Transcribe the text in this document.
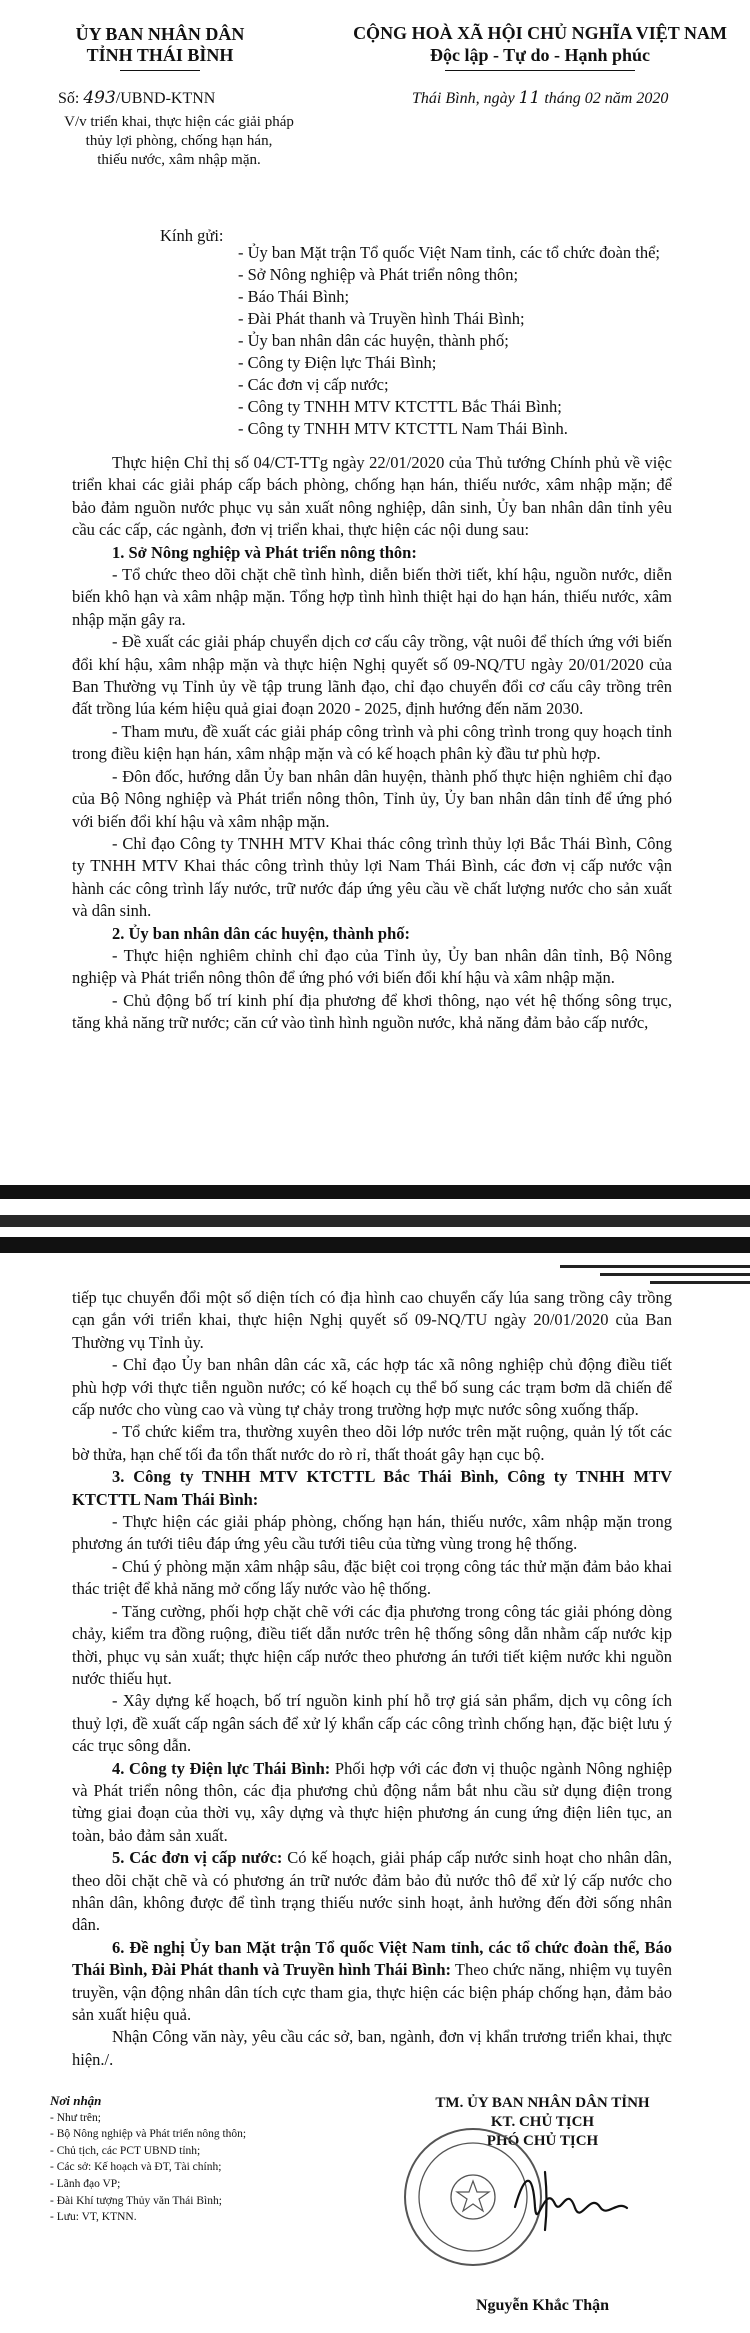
ỦY BAN NHÂN DÂN
TỈNH THÁI BÌNH
CỘNG HOÀ XÃ HỘI CHỦ NGHĨA VIỆT NAM
Độc lập - Tự do - Hạnh phúc
Số: 493/UBND-KTNN	Thái Bình, ngày 11 tháng 02 năm 2020
V/v triển khai, thực hiện các giải pháp
thủy lợi phòng, chống hạn hán,
thiếu nước, xâm nhập mặn.
Kính gửi:
- Ủy ban Mặt trận Tổ quốc Việt Nam tỉnh, các tổ chức đoàn thể;
- Sở Nông nghiệp và Phát triển nông thôn;
- Báo Thái Bình;
- Đài Phát thanh và Truyền hình Thái Bình;
- Ủy ban nhân dân các huyện, thành phố;
- Công ty Điện lực Thái Bình;
- Các đơn vị cấp nước;
- Công ty TNHH MTV KTCTTL Bắc Thái Bình;
- Công ty TNHH MTV KTCTTL Nam Thái Bình.

Thực hiện Chỉ thị số 04/CT-TTg ngày 22/01/2020 của Thủ tướng Chính phủ về việc triển khai các giải pháp cấp bách phòng, chống hạn hán, thiếu nước, xâm nhập mặn; để bảo đảm nguồn nước phục vụ sản xuất nông nghiệp, dân sinh, Ủy ban nhân dân tỉnh yêu cầu các cấp, các ngành, đơn vị triển khai, thực hiện các nội dung sau:

1. Sở Nông nghiệp và Phát triển nông thôn:

- Tổ chức theo dõi chặt chẽ tình hình, diễn biến thời tiết, khí hậu, nguồn nước, diễn biến khô hạn và xâm nhập mặn. Tổng hợp tình hình thiệt hại do hạn hán, thiếu nước, xâm nhập mặn gây ra.

- Đề xuất các giải pháp chuyển dịch cơ cấu cây trồng, vật nuôi để thích ứng với biến đổi khí hậu, xâm nhập mặn và thực hiện Nghị quyết số 09-NQ/TU ngày 20/01/2020 của Ban Thường vụ Tỉnh ủy về tập trung lãnh đạo, chỉ đạo chuyển đổi cơ cấu cây trồng trên đất trồng lúa kém hiệu quả giai đoạn 2020 - 2025, định hướng đến năm 2030.

- Tham mưu, đề xuất các giải pháp công trình và phi công trình trong quy hoạch tỉnh trong điều kiện hạn hán, xâm nhập mặn và có kế hoạch phân kỳ đầu tư phù hợp.

- Đôn đốc, hướng dẫn Ủy ban nhân dân huyện, thành phố thực hiện nghiêm chỉ đạo của Bộ Nông nghiệp và Phát triển nông thôn, Tỉnh ủy, Ủy ban nhân dân tỉnh để ứng phó với biến đổi khí hậu và xâm nhập mặn.

- Chỉ đạo Công ty TNHH MTV Khai thác công trình thủy lợi Bắc Thái Bình, Công ty TNHH MTV Khai thác công trình thủy lợi Nam Thái Bình, các đơn vị cấp nước vận hành các công trình lấy nước, trữ nước đáp ứng yêu cầu về chất lượng nước cho sản xuất và dân sinh.

2. Ủy ban nhân dân các huyện, thành phố:

- Thực hiện nghiêm chỉnh chỉ đạo của Tỉnh ủy, Ủy ban nhân dân tỉnh, Bộ Nông nghiệp và Phát triển nông thôn để ứng phó với biến đổi khí hậu và xâm nhập mặn.

- Chủ động bố trí kinh phí địa phương để khơi thông, nạo vét hệ thống sông trục, tăng khả năng trữ nước; căn cứ vào tình hình nguồn nước, khả năng đảm bảo cấp nước,

tiếp tục chuyển đổi một số diện tích có địa hình cao chuyển cấy lúa sang trồng cây trồng cạn gắn với triển khai, thực hiện Nghị quyết số 09-NQ/TU ngày 20/01/2020 của Ban Thường vụ Tỉnh ủy.

- Chỉ đạo Ủy ban nhân dân các xã, các hợp tác xã nông nghiệp chủ động điều tiết phù hợp với thực tiễn nguồn nước; có kế hoạch cụ thể bố sung các trạm bơm dã chiến để cấp nước cho vùng cao và vùng tự chảy trong trường hợp mực nước sông xuống thấp.

- Tổ chức kiểm tra, thường xuyên theo dõi lớp nước trên mặt ruộng, quản lý tốt các bờ thửa, hạn chế tối đa tổn thất nước do rò rỉ, thất thoát gây hạn cục bộ.

3. Công ty TNHH MTV KTCTTL Bắc Thái Bình, Công ty TNHH MTV KTCTTL Nam Thái Bình:

- Thực hiện các giải pháp phòng, chống hạn hán, thiếu nước, xâm nhập mặn trong phương án tưới tiêu đáp ứng yêu cầu tưới tiêu của từng vùng trong hệ thống.

- Chú ý phòng mặn xâm nhập sâu, đặc biệt coi trọng công tác thử mặn đảm bảo khai thác triệt để khả năng mở cống lấy nước vào hệ thống.

- Tăng cường, phối hợp chặt chẽ với các địa phương trong công tác giải phóng dòng chảy, kiểm tra đồng ruộng, điều tiết dẫn nước trên hệ thống sông dẫn nhằm cấp nước kịp thời, phục vụ sản xuất; thực hiện cấp nước theo phương án tưới tiết kiệm nước khi nguồn nước thiếu hụt.

- Xây dựng kế hoạch, bố trí nguồn kinh phí hỗ trợ giá sản phẩm, dịch vụ công ích thuỷ lợi, đề xuất cấp ngân sách để xử lý khẩn cấp các công trình chống hạn, đặc biệt lưu ý các trục sông dẫn.

4. Công ty Điện lực Thái Bình: Phối hợp với các đơn vị thuộc ngành Nông nghiệp và Phát triển nông thôn, các địa phương chủ động nắm bắt nhu cầu sử dụng điện trong từng giai đoạn của thời vụ, xây dựng và thực hiện phương án cung ứng điện liên tục, an toàn, bảo đảm sản xuất.

5. Các đơn vị cấp nước: Có kế hoạch, giải pháp cấp nước sinh hoạt cho nhân dân, theo dõi chặt chẽ và có phương án trữ nước đảm bảo đủ nước thô để xử lý cấp nước cho nhân dân, không được để tình trạng thiếu nước sinh hoạt, ảnh hưởng đến đời sống nhân dân.

6. Đề nghị Ủy ban Mặt trận Tổ quốc Việt Nam tỉnh, các tổ chức đoàn thể, Báo Thái Bình, Đài Phát thanh và Truyền hình Thái Bình: Theo chức năng, nhiệm vụ tuyên truyền, vận động nhân dân tích cực tham gia, thực hiện các biện pháp chống hạn, đảm bảo sản xuất hiệu quả.

Nhận Công văn này, yêu cầu các sở, ban, ngành, đơn vị khẩn trương triển khai, thực hiện./.

Nơi nhận
- Như trên;
- Bộ Nông nghiệp và Phát triển nông thôn;
- Chủ tịch, các PCT UBND tỉnh;
- Các sở: Kế hoạch và ĐT, Tài chính;
- Lãnh đạo VP;
- Đài Khí tượng Thủy văn Thái Bình;
- Lưu: VT, KTNN.
TM. ỦY BAN NHÂN DÂN TỈNH
KT. CHỦ TỊCH
PHÓ CHỦ TỊCH
Nguyễn Khắc Thận
